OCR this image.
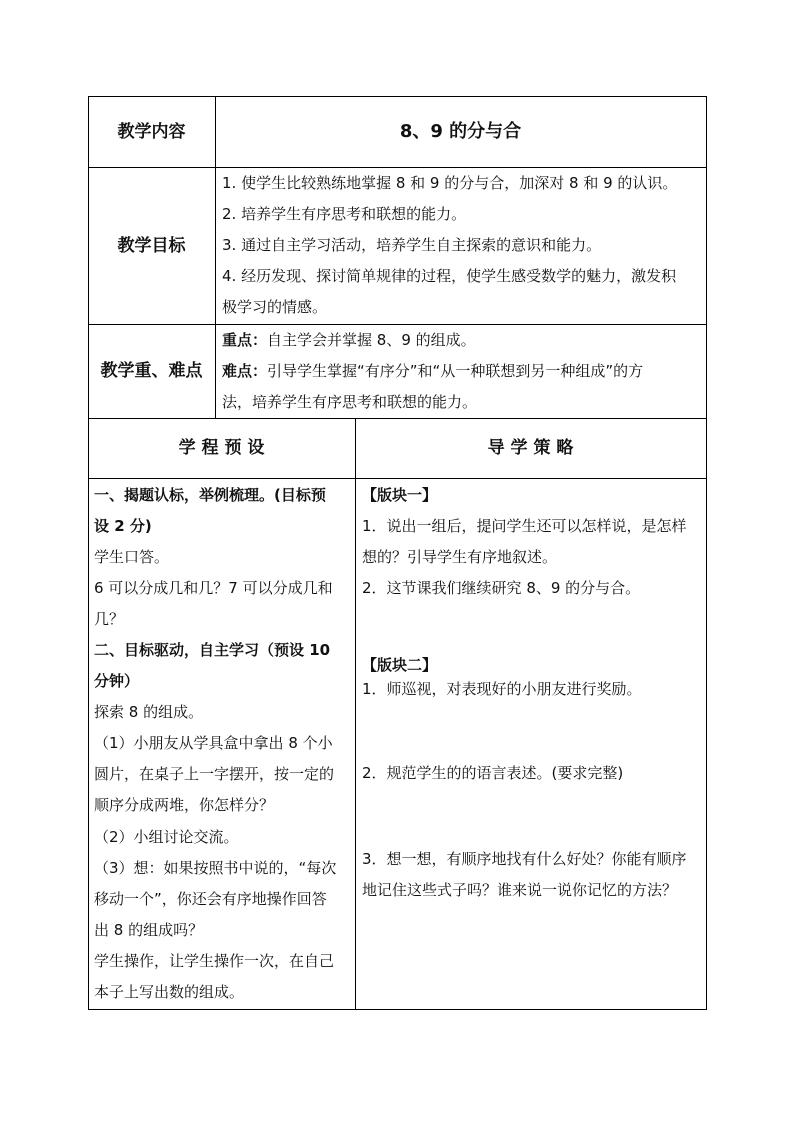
教学内容	8、9 的分与合
教学目标
1. 使学生比较熟练地掌握 8 和 9 的分与合，加深对 8 和 9 的认识。
2. 培养学生有序思考和联想的能力。
3. 通过自主学习活动，培养学生自主探索的意识和能力。
4. 经历发现、探讨简单规律的过程，使学生感受数学的魅力，激发积
极学习的情感。
教学重、难点
重点：自主学会并掌握 8、9 的组成。
难点：引导学生掌握“有序分”和“从一种联想到另一种组成”的方
法，培养学生有序思考和联想的能力。
学 程 预 设	导 学 策 略
一、揭题认标，举例梳理。(目标预
设 2 分)
学生口答。
6 可以分成几和几？7 可以分成几和
几？
二、目标驱动，自主学习（预设 10
分钟）
探索 8 的组成。
（1）小朋友从学具盒中拿出 8 个小
圆片，在桌子上一字摆开，按一定的
顺序分成两堆，你怎样分？
（2）小组讨论交流。
（3）想：如果按照书中说的，“每次
移动一个”，你还会有序地操作回答
出 8 的组成吗？
学生操作，让学生操作一次，在自己
本子上写出数的组成。
【版块一】
1．说出一组后，提问学生还可以怎样说，是怎样
想的？引导学生有序地叙述。
2．这节课我们继续研究 8、9 的分与合。
【版块二】
1．师巡视，对表现好的小朋友进行奖励。
2．规范学生的的语言表述。(要求完整)
3．想一想，有顺序地找有什么好处？你能有顺序
地记住这些式子吗？谁来说一说你记忆的方法？
